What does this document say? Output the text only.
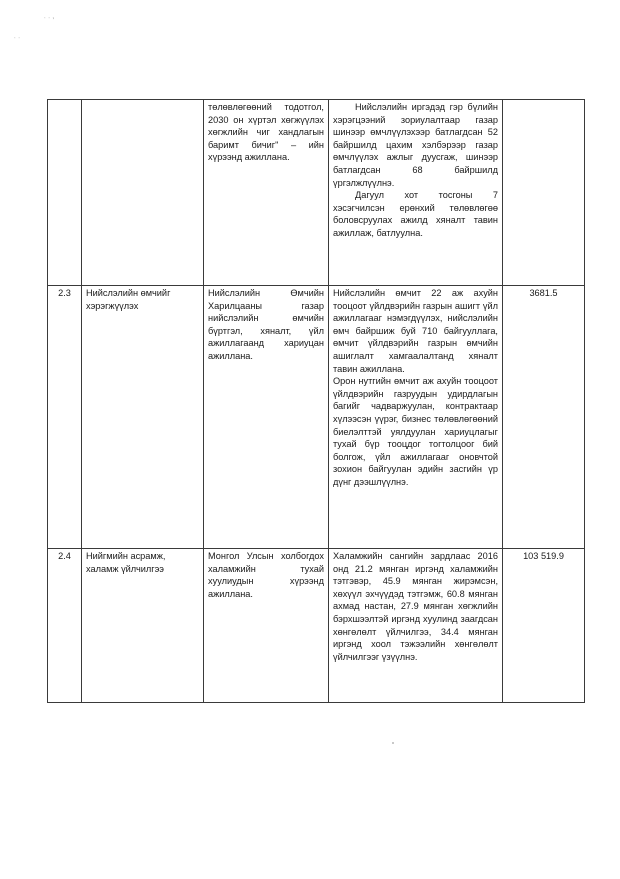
˙ ˙ ʼ
˙ ˙
		төлөвлөгөөний тодотгол, 2030 он хүртэл хөгжүүлэх хөгжлийн чиг хандлагын баримт бичиг" – ийн хүрээнд ажиллана.	Нийслэлийн иргэдэд гэр бүлийн хэрэгцээний зориулалтаар газар шинээр өмчлүүлэхээр батлагдсан 52 байршилд цахим хэлбэрээр газар өмчлүүлэх ажлыг дуусгаж, шинээр батлагдсан 68 байршилд үргэлжлүүлнэ.

Дагуул хот тосгоны 7 хэсэгчилсэн ерөнхий төлөвлөгөө боловсруулах ажилд хяналт тавин ажиллаж, батлуулна.	

2.3	Нийслэлийн өмчийг хэрэгжүүлэх	Нийслэлийн Өмчийн Харилцааны газар нийслэлийн өмчийн бүртгэл, хяналт, үйл ажиллагаанд хариуцан ажиллана.	Нийслэлийн өмчит 22 аж ахуйн тооцоот үйлдвэрийн газрын ашигт үйл ажиллагааг нэмэгдүүлэх, нийслэлийн өмч байршиж буй 710 байгууллага, өмчит үйлдвэрийн газрын өмчийн ашиглалт хамгаалалтанд хяналт тавин ажиллана.

Орон нутгийн өмчит аж ахуйн тооцоот үйлдвэрийн газруудын удирдлагын багийг чадваржуулан, контрактаар хүлээсэн үүрэг, бизнес төлөвлөгөөний биелэлттэй уялдуулан хариуцлагыг тухай бүр тооцдог тогтолцоог бий болгож, үйл ажиллагааг оновчтой зохион байгуулан эдийн засгийн үр дүнг дээшлүүлнэ.	3681.5
2.4	Нийгмийн асрамж, халамж үйлчилгээ	Монгол Улсын холбогдох халамжийн тухай хуулиудын хүрээнд ажиллана.	Халамжийн сангийн зардлаас 2016 онд 21.2 мянган иргэнд халамжийн тэтгэвэр, 45.9 мянган жирэмсэн, хөхүүл эхчүүдэд тэтгэмж, 60.8 мянган ахмад настан, 27.9 мянган хөгжлийн бэрхшээлтэй иргэнд хуулинд заагдсан хөнгөлөлт үйлчилгээ, 34.4 мянган иргэнд хоол тэжээлийн хөнгөлөлт үйлчилгээг үзүүлнэ.	103 519.9
